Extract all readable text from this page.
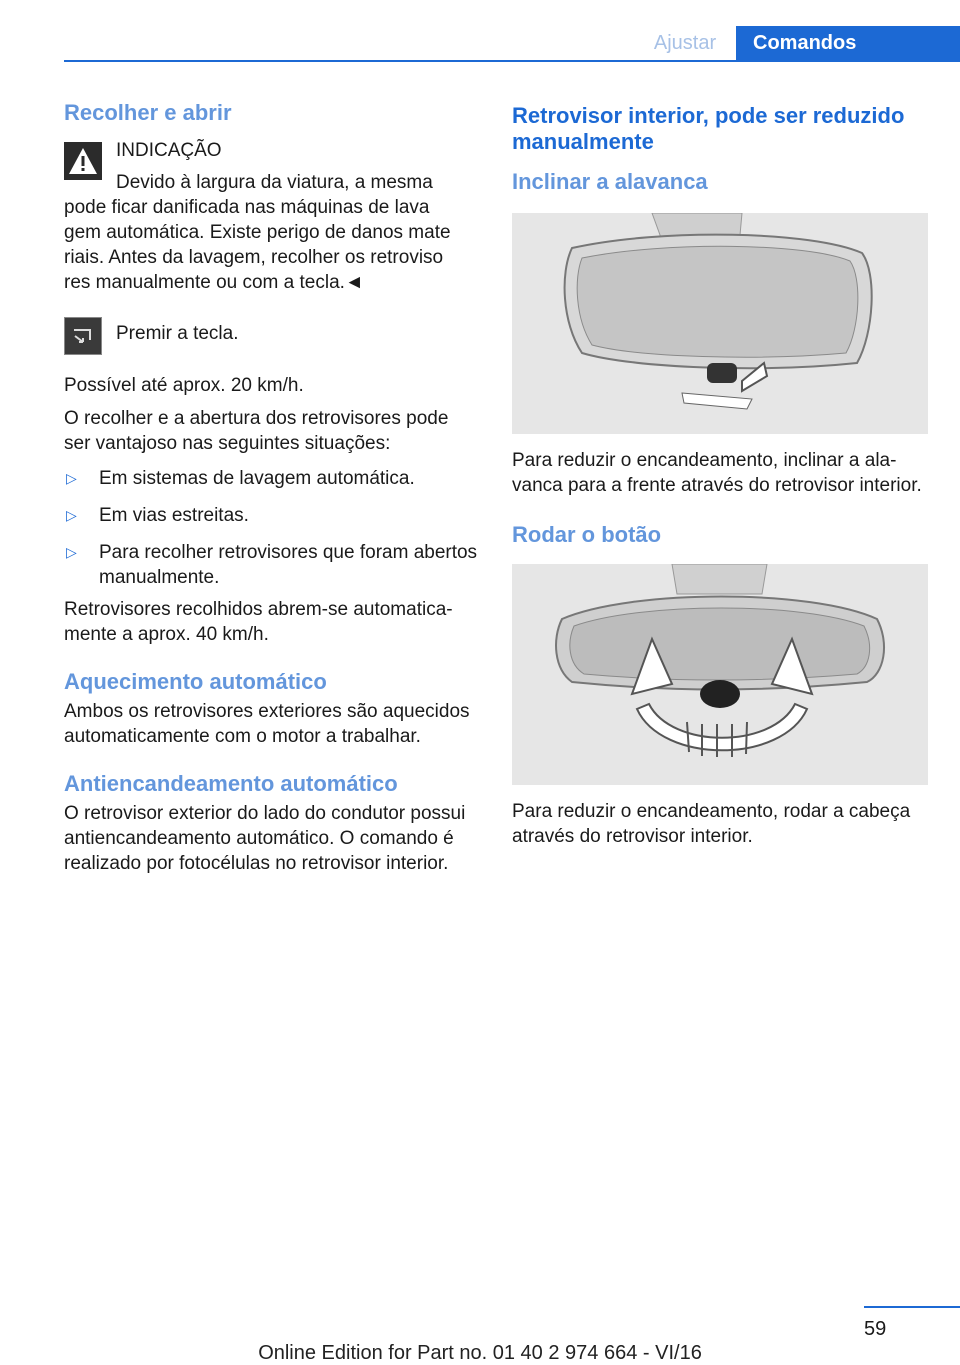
Ajustar	Comandos
Recolher e abrir

INDICAÇÃO

Devido à largura da viatura, a mesma

pode ficar danificada nas máquinas de lava
gem automática. Existe perigo de danos mate
riais. Antes da lavagem, recolher os retroviso
res manualmente ou com a tecla.◄

Premir a tecla.

Possível até aprox. 20 km/h.

O recolher e a abertura dos retrovisores pode ser vantajoso nas seguintes situações:

▷ Em sistemas de lavagem automática.
▷ Em vias estreitas.
▷ Para recolher retrovisores que foram abertos manualmente.

Retrovisores recolhidos abrem-se automaticamente a aprox. 40 km/h.

Aquecimento automático

Ambos os retrovisores exteriores são aquecidos automaticamente com o motor a trabalhar.

Antiencandeamento automático

O retrovisor exterior do lado do condutor possui antiencandeamento automático. O comando é realizado por fotocélulas no retrovisor interior.

Retrovisor interior, pode ser reduzido manualmente
Inclinar a alavanca

Para reduzir o encandeamento, inclinar a alavanca para a frente através do retrovisor interior.

Rodar o botão

Para reduzir o encandeamento, rodar a cabeça através do retrovisor interior.

59
Online Edition for Part no. 01 40 2 974 664 - VI/16
